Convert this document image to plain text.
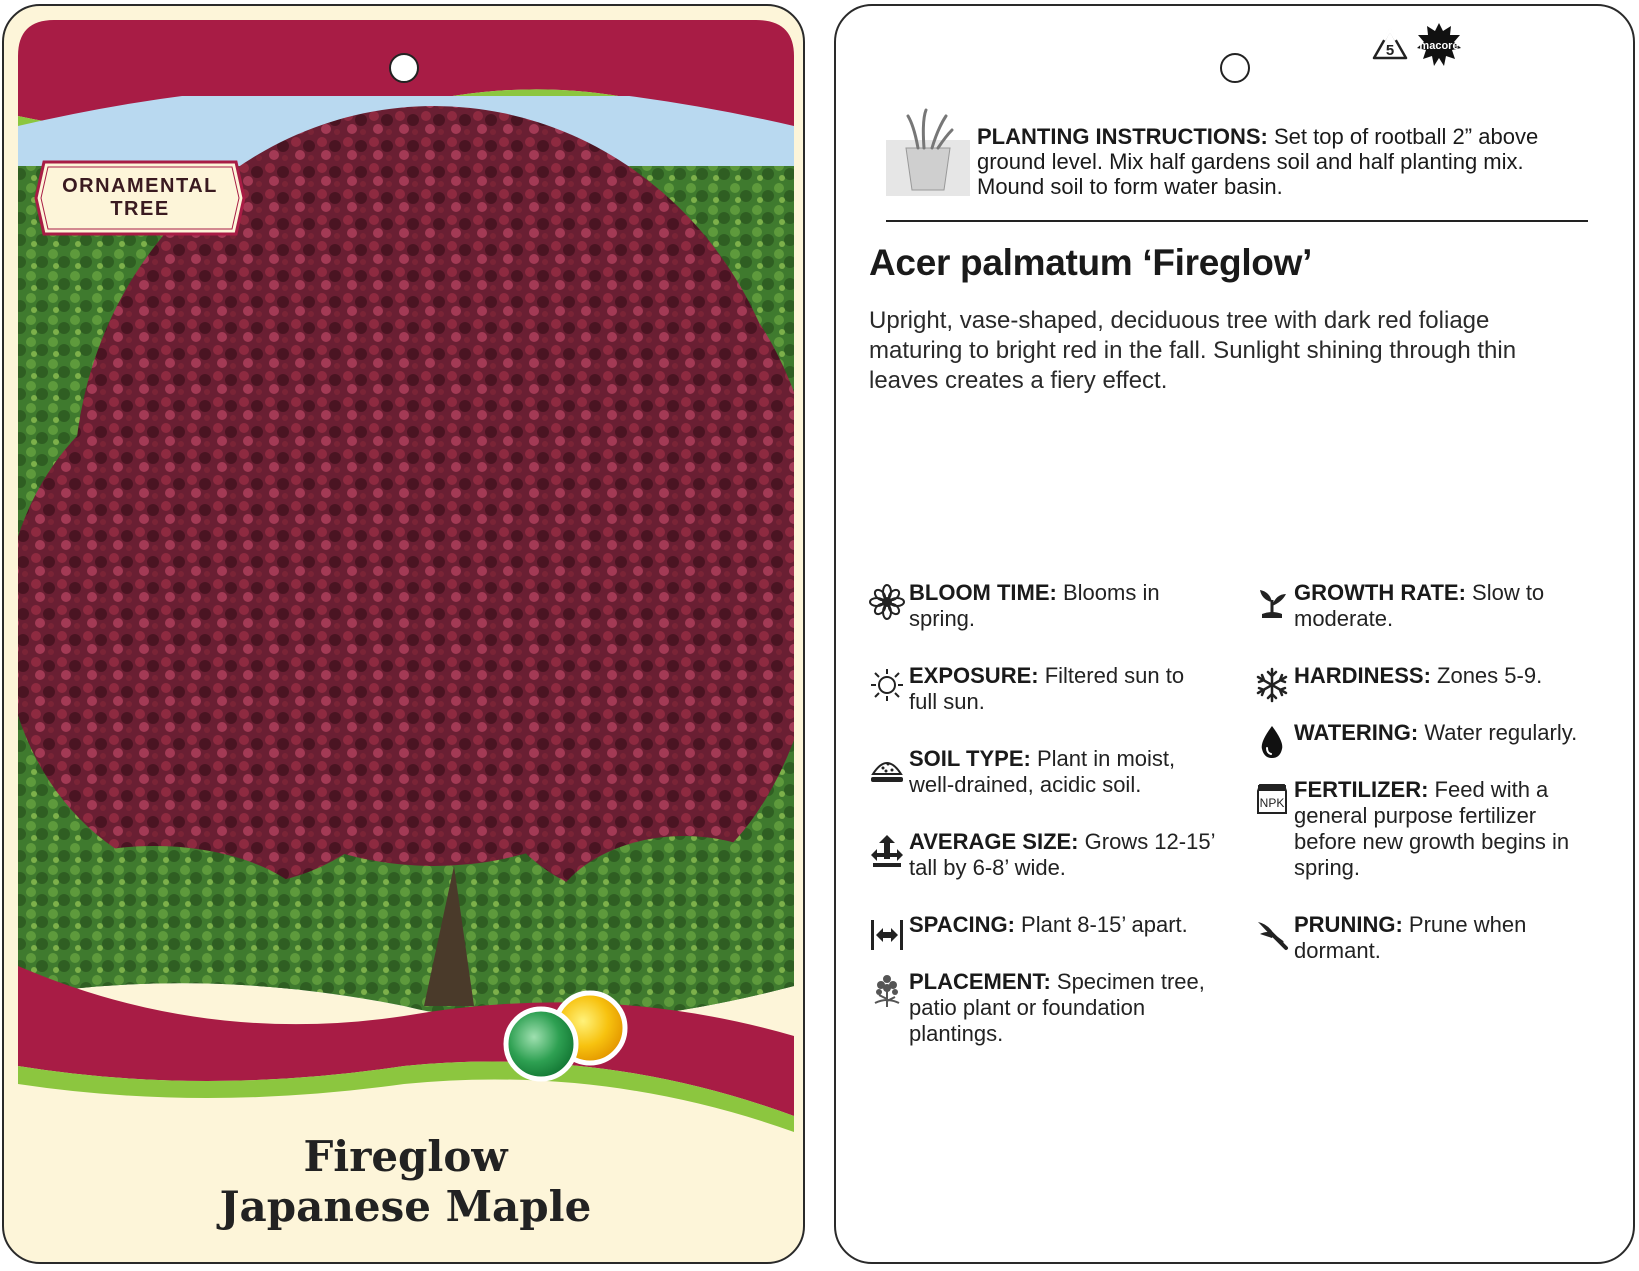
ORNAMENTAL
TREE
Fireglow
Japanese Maple
5 macore
PLANTING INSTRUCTIONS: Set top of rootball 2” above ground level. Mix half gardens soil and half planting mix. Mound soil to form water basin.
Acer palmatum ‘Fireglow’
Upright, vase-shaped, deciduous tree with dark red foliage maturing to bright red in the fall. Sunlight shining through thin leaves creates a fiery effect.
BLOOM TIME: Blooms in spring.
EXPOSURE: Filtered sun to full sun.
SOIL TYPE: Plant in moist, well-drained, acidic soil.
AVERAGE SIZE: Grows 12-15’ tall by 6-8’ wide.
SPACING: Plant 8-15’ apart.
PLACEMENT: Specimen tree, patio plant or foundation plantings.
GROWTH RATE: Slow to moderate.
HARDINESS: Zones 5-9.
WATERING: Water regularly.
NPK
FERTILIZER: Feed with a general purpose fertilizer before new growth begins in spring.
PRUNING: Prune when dormant.
